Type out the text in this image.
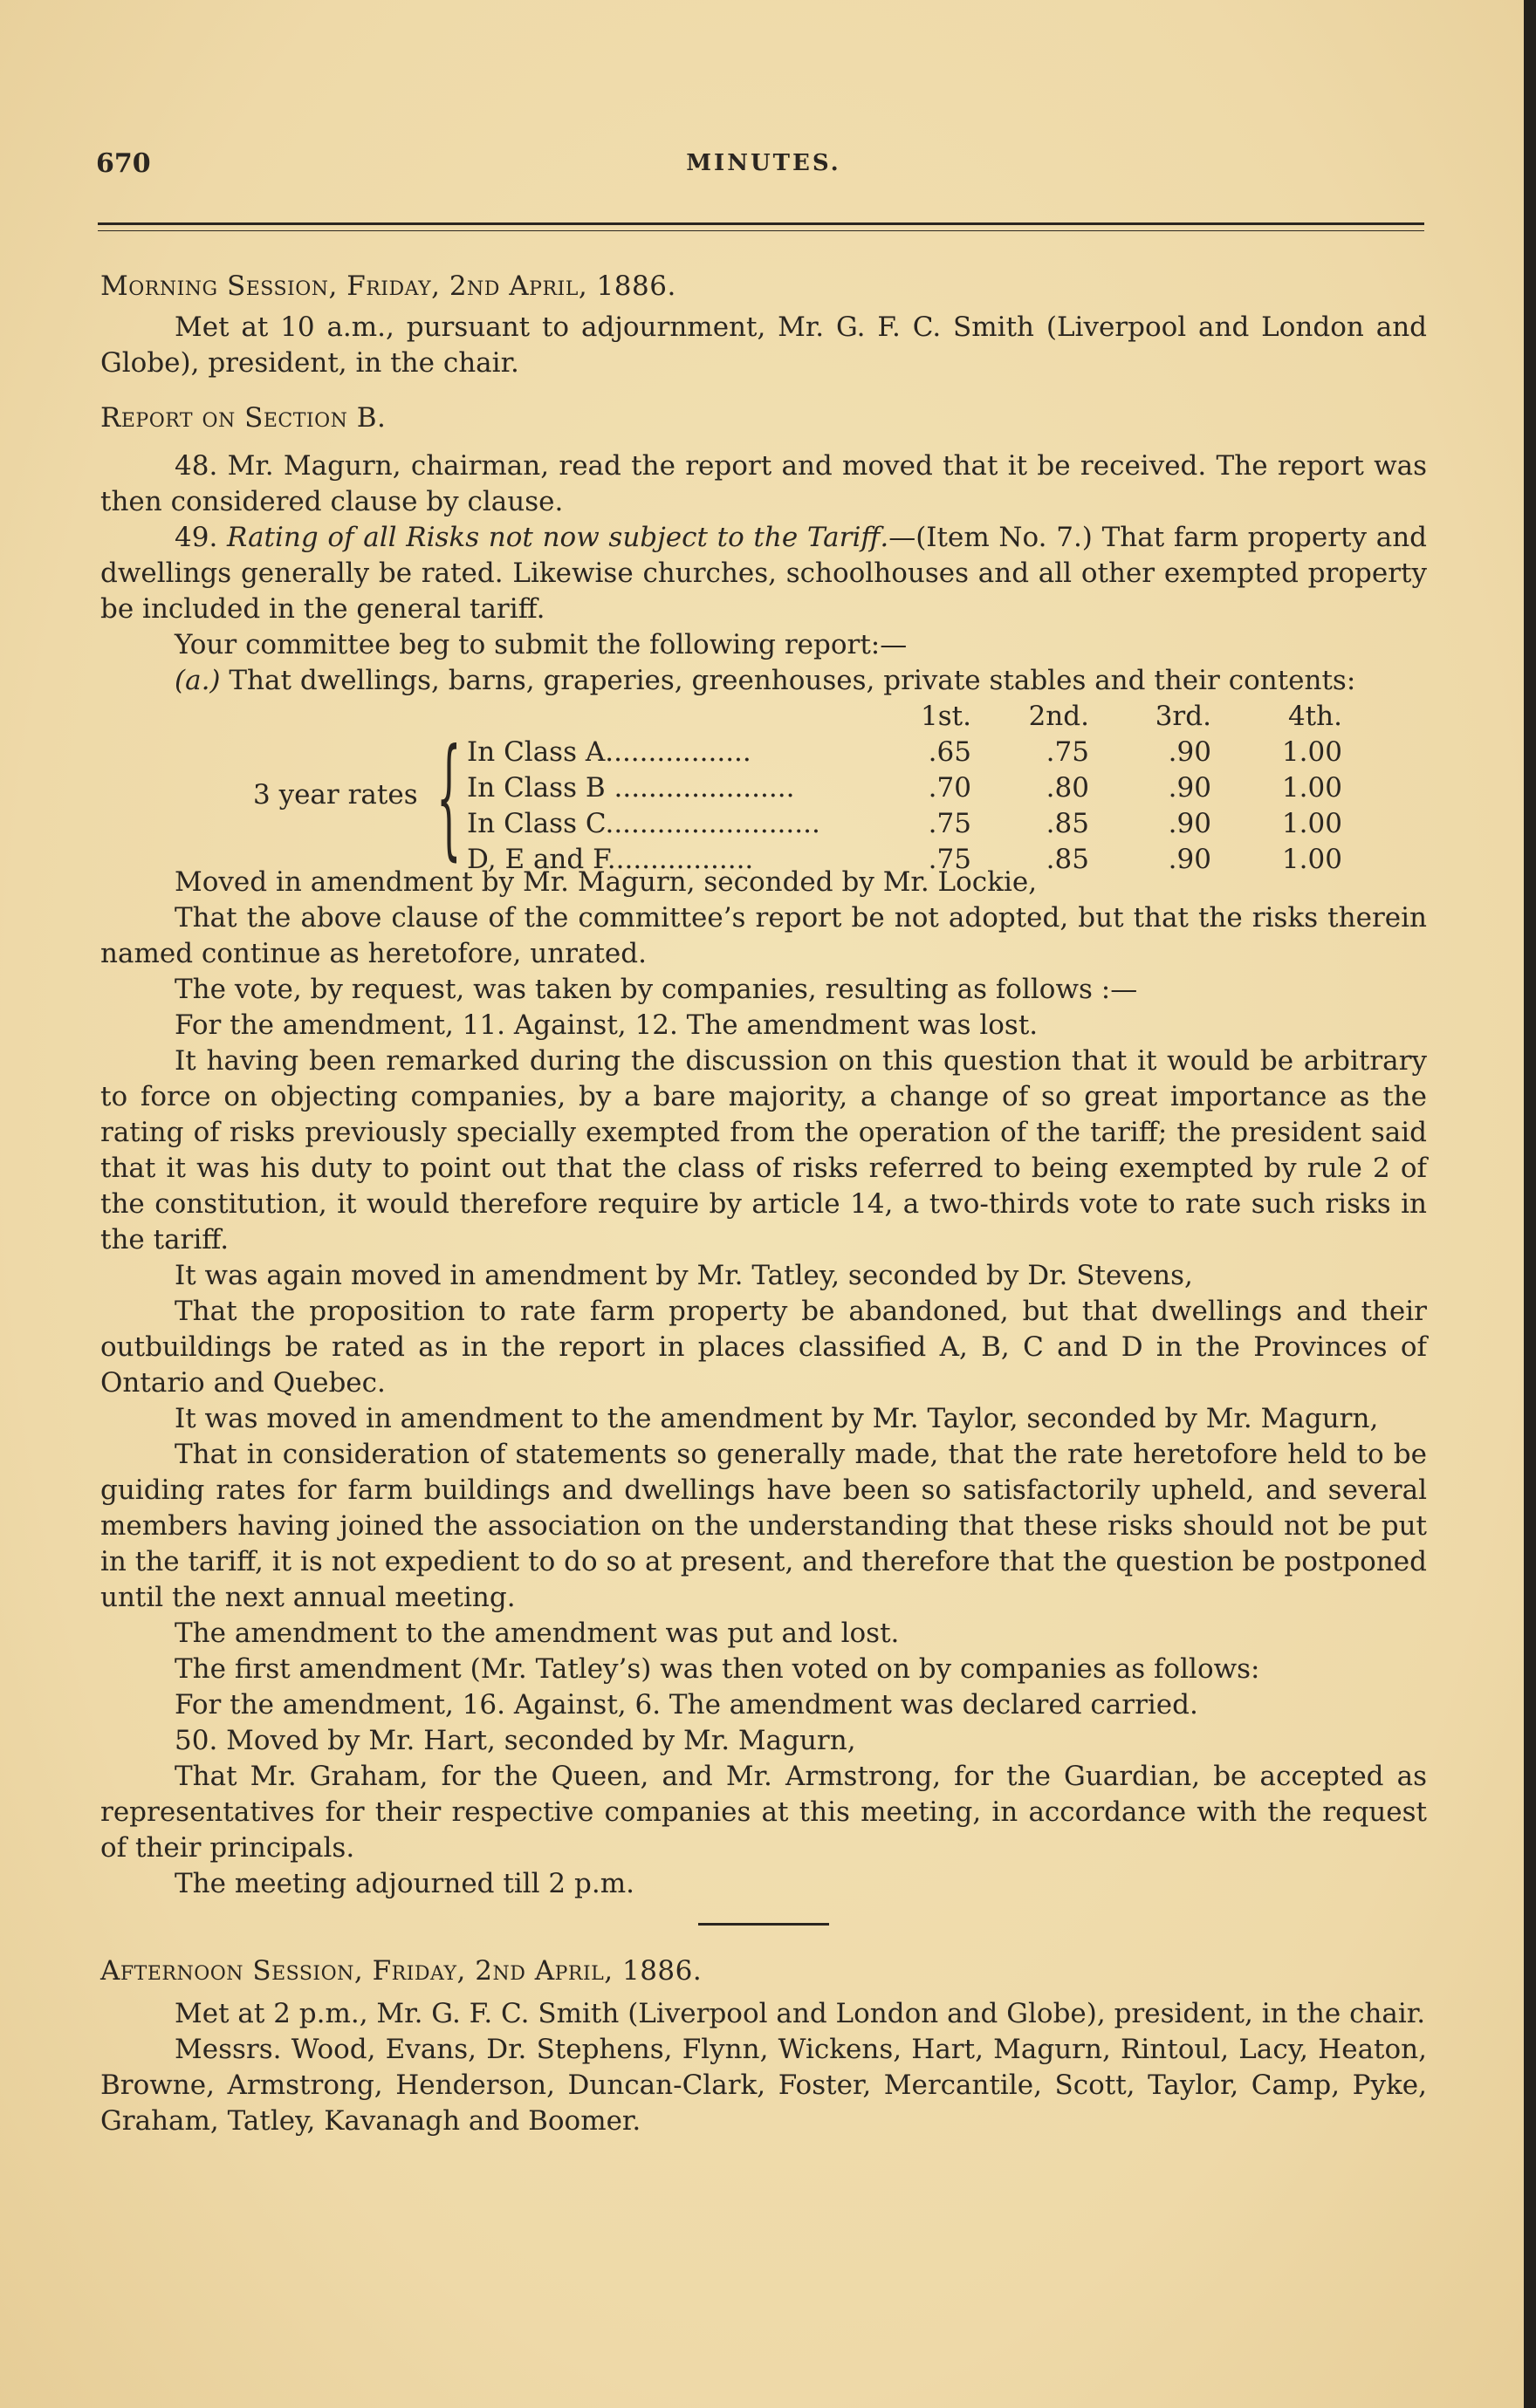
670	MINUTES.

Morning Session, Friday, 2nd April, 1886.

Met at 10 a.m., pursuant to adjournment, Mr. G. F. C. Smith (Liverpool and London and Globe), president, in the chair.

Report on Section B.

48. Mr. Magurn, chairman, read the report and moved that it be received. The report was then considered clause by clause.

49. Rating of all Risks not now subject to the Tariff.—(Item No. 7.) That farm property and dwellings generally be rated. Likewise churches, schoolhouses and all other exempted property be included in the general tariff.

Your committee beg to submit the following report:—

(a.) That dwellings, barns, graperies, greenhouses, private stables and their contents:

3 year rates {
	1st.	2nd.	3rd.	4th.
In Class A.................	.65	.75	.90	1.00
In Class B .....................	.70	.80	.90	1.00
In Class C.........................	.75	.85	.90	1.00
D, E and F.................	.75	.85	.90	1.00

Moved in amendment by Mr. Magurn, seconded by Mr. Lockie,

That the above clause of the committee’s report be not adopted, but that the risks therein named continue as heretofore, unrated.

The vote, by request, was taken by companies, resulting as follows :—

For the amendment, 11. Against, 12. The amendment was lost.

It having been remarked during the discussion on this question that it would be arbitrary to force on objecting companies, by a bare majority, a change of so great importance as the rating of risks previously specially exempted from the operation of the tariff; the president said that it was his duty to point out that the class of risks referred to being exempted by rule 2 of the constitution, it would therefore require by article 14, a two-thirds vote to rate such risks in the tariff.

It was again moved in amendment by Mr. Tatley, seconded by Dr. Stevens,

That the proposition to rate farm property be abandoned, but that dwellings and their outbuildings be rated as in the report in places classified A, B, C and D in the Provinces of Ontario and Quebec.

It was moved in amendment to the amendment by Mr. Taylor, seconded by Mr. Magurn,

That in consideration of statements so generally made, that the rate heretofore held to be guiding rates for farm buildings and dwellings have been so satisfactorily upheld, and several members having joined the association on the understanding that these risks should not be put in the tariff, it is not expedient to do so at present, and therefore that the question be postponed until the next annual meeting.

The amendment to the amendment was put and lost.

The first amendment (Mr. Tatley’s) was then voted on by companies as follows:

For the amendment, 16. Against, 6. The amendment was declared carried.

50. Moved by Mr. Hart, seconded by Mr. Magurn,

That Mr. Graham, for the Queen, and Mr. Armstrong, for the Guardian, be accepted as representatives for their respective companies at this meeting, in accordance with the request of their principals.

The meeting adjourned till 2 p.m.

Afternoon Session, Friday, 2nd April, 1886.

Met at 2 p.m., Mr. G. F. C. Smith (Liverpool and London and Globe), president, in the chair.

Messrs. Wood, Evans, Dr. Stephens, Flynn, Wickens, Hart, Magurn, Rintoul, Lacy, Heaton, Browne, Armstrong, Henderson, Duncan-Clark, Foster, Mercantile, Scott, Taylor, Camp, Pyke, Graham, Tatley, Kavanagh and Boomer.
